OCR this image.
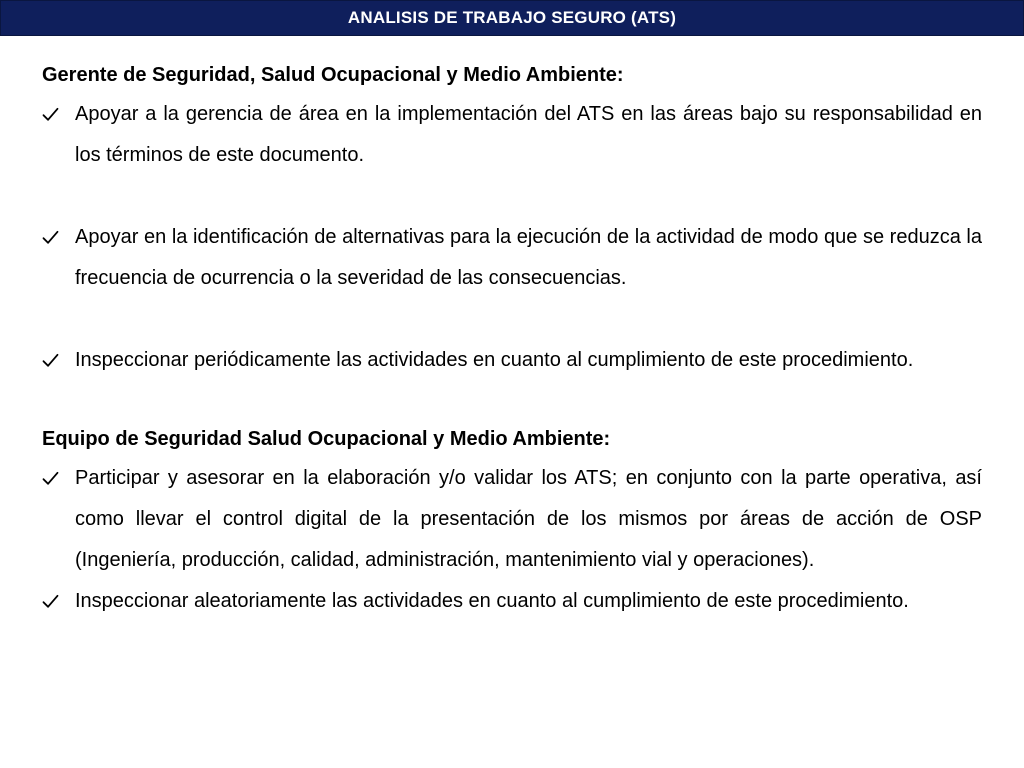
ANALISIS DE TRABAJO SEGURO (ATS)
Gerente de Seguridad, Salud Ocupacional y Medio Ambiente:
Apoyar a la gerencia de área en la implementación del ATS en las áreas bajo su responsabilidad en los términos de este documento.
Apoyar en la identificación de alternativas para la ejecución de la actividad de modo que se reduzca la frecuencia de ocurrencia o la severidad de las consecuencias.
Inspeccionar periódicamente las actividades en cuanto al cumplimiento de este procedimiento.
Equipo de Seguridad Salud Ocupacional y Medio Ambiente:
Participar y asesorar en la elaboración y/o validar los ATS; en conjunto con la parte operativa, así como llevar el control digital de la presentación de los mismos por áreas de acción de OSP (Ingeniería, producción, calidad, administración, mantenimiento vial y operaciones).
Inspeccionar aleatoriamente las actividades en cuanto al cumplimiento de este procedimiento.
